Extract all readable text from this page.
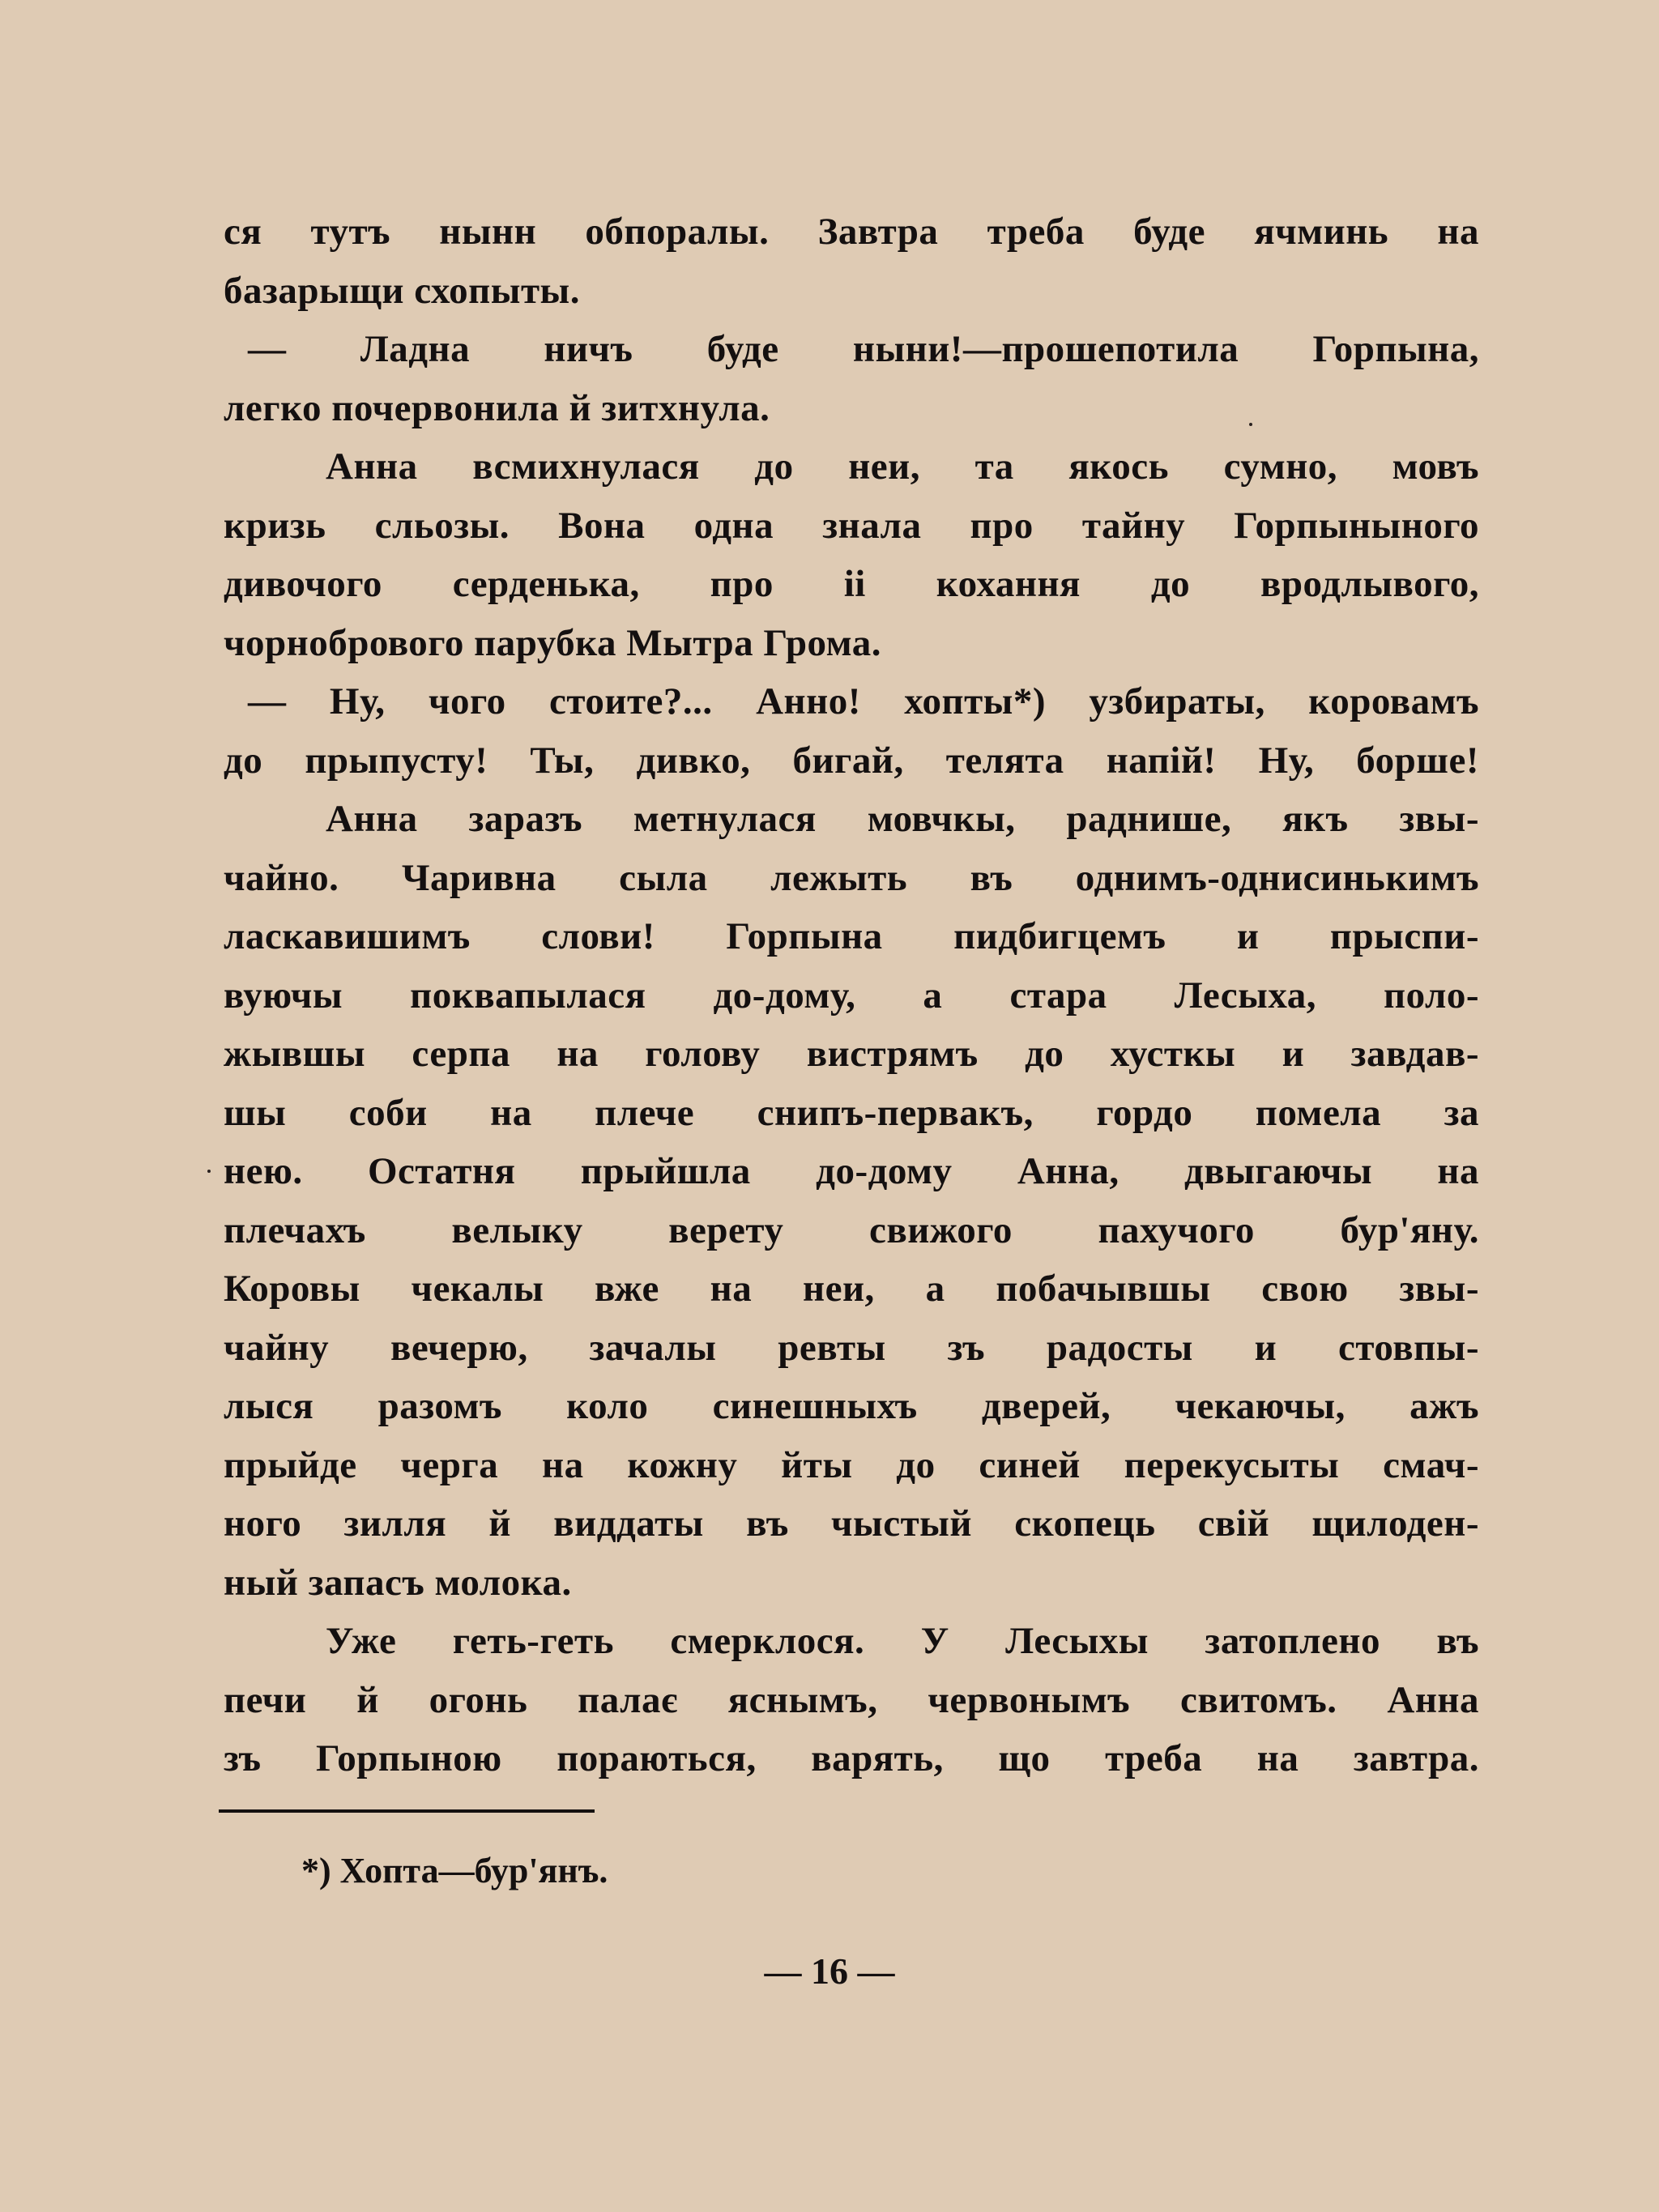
ся тутъ нынн обпоралы. Завтра треба буде ячминь на
базарыщи схопыты.
— Ладна ничъ буде ныни!—прошепотила Горпына,
легко почервонила й зитхнула.
Анна всмихнулася до неи, та якось сумно, мовъ
кризь сльозы. Вона одна знала про тайну Горпыныного
дивочого серденька, про ii кохання до вродлывого,
чорнобрового парубка Мытра Грома.
— Ну, чого стоите?... Анно! хопты*) узбираты, коровамъ
до прыпусту! Ты, дивко, бигай, телята напiй! Ну, борше!
Анна заразъ метнулася мовчкы, раднише, якъ звы-
чайно. Чаривна сыла лежыть въ однимъ-однисинькимъ
ласкавишимъ слови! Горпына пидбигцемъ и прыспи-
вуючы поквапылася до-дому, а стара Лесыха, поло-
жывшы серпа на голову вистрямъ до хусткы и завдав-
шы соби на плече снипъ-первакъ, гордо помела за
нею. Остатня прыйшла до-дому Анна, двыгаючы на
плечахъ велыку верету свижого пахучого бур'яну.
Коровы чекалы вже на неи, а побачывшы свою звы-
чайну вечерю, зачалы ревты зъ радосты и стовпы-
лыся разомъ коло синешныхъ дверей, чекаючы, ажъ
прыйде черга на кожну йты до синей перекусыты смач-
ного зилля й виддаты въ чыстый скопець свiй щилоден-
ный запасъ молока.
Уже геть-геть смерклося. У Лесыхы затоплено въ
печи й огонь палає яснымъ, червонымъ свитомъ. Анна
зъ Горпыною пораються, варять, що треба на завтра.
*) Хопта—бур'янъ.
— 16 —
